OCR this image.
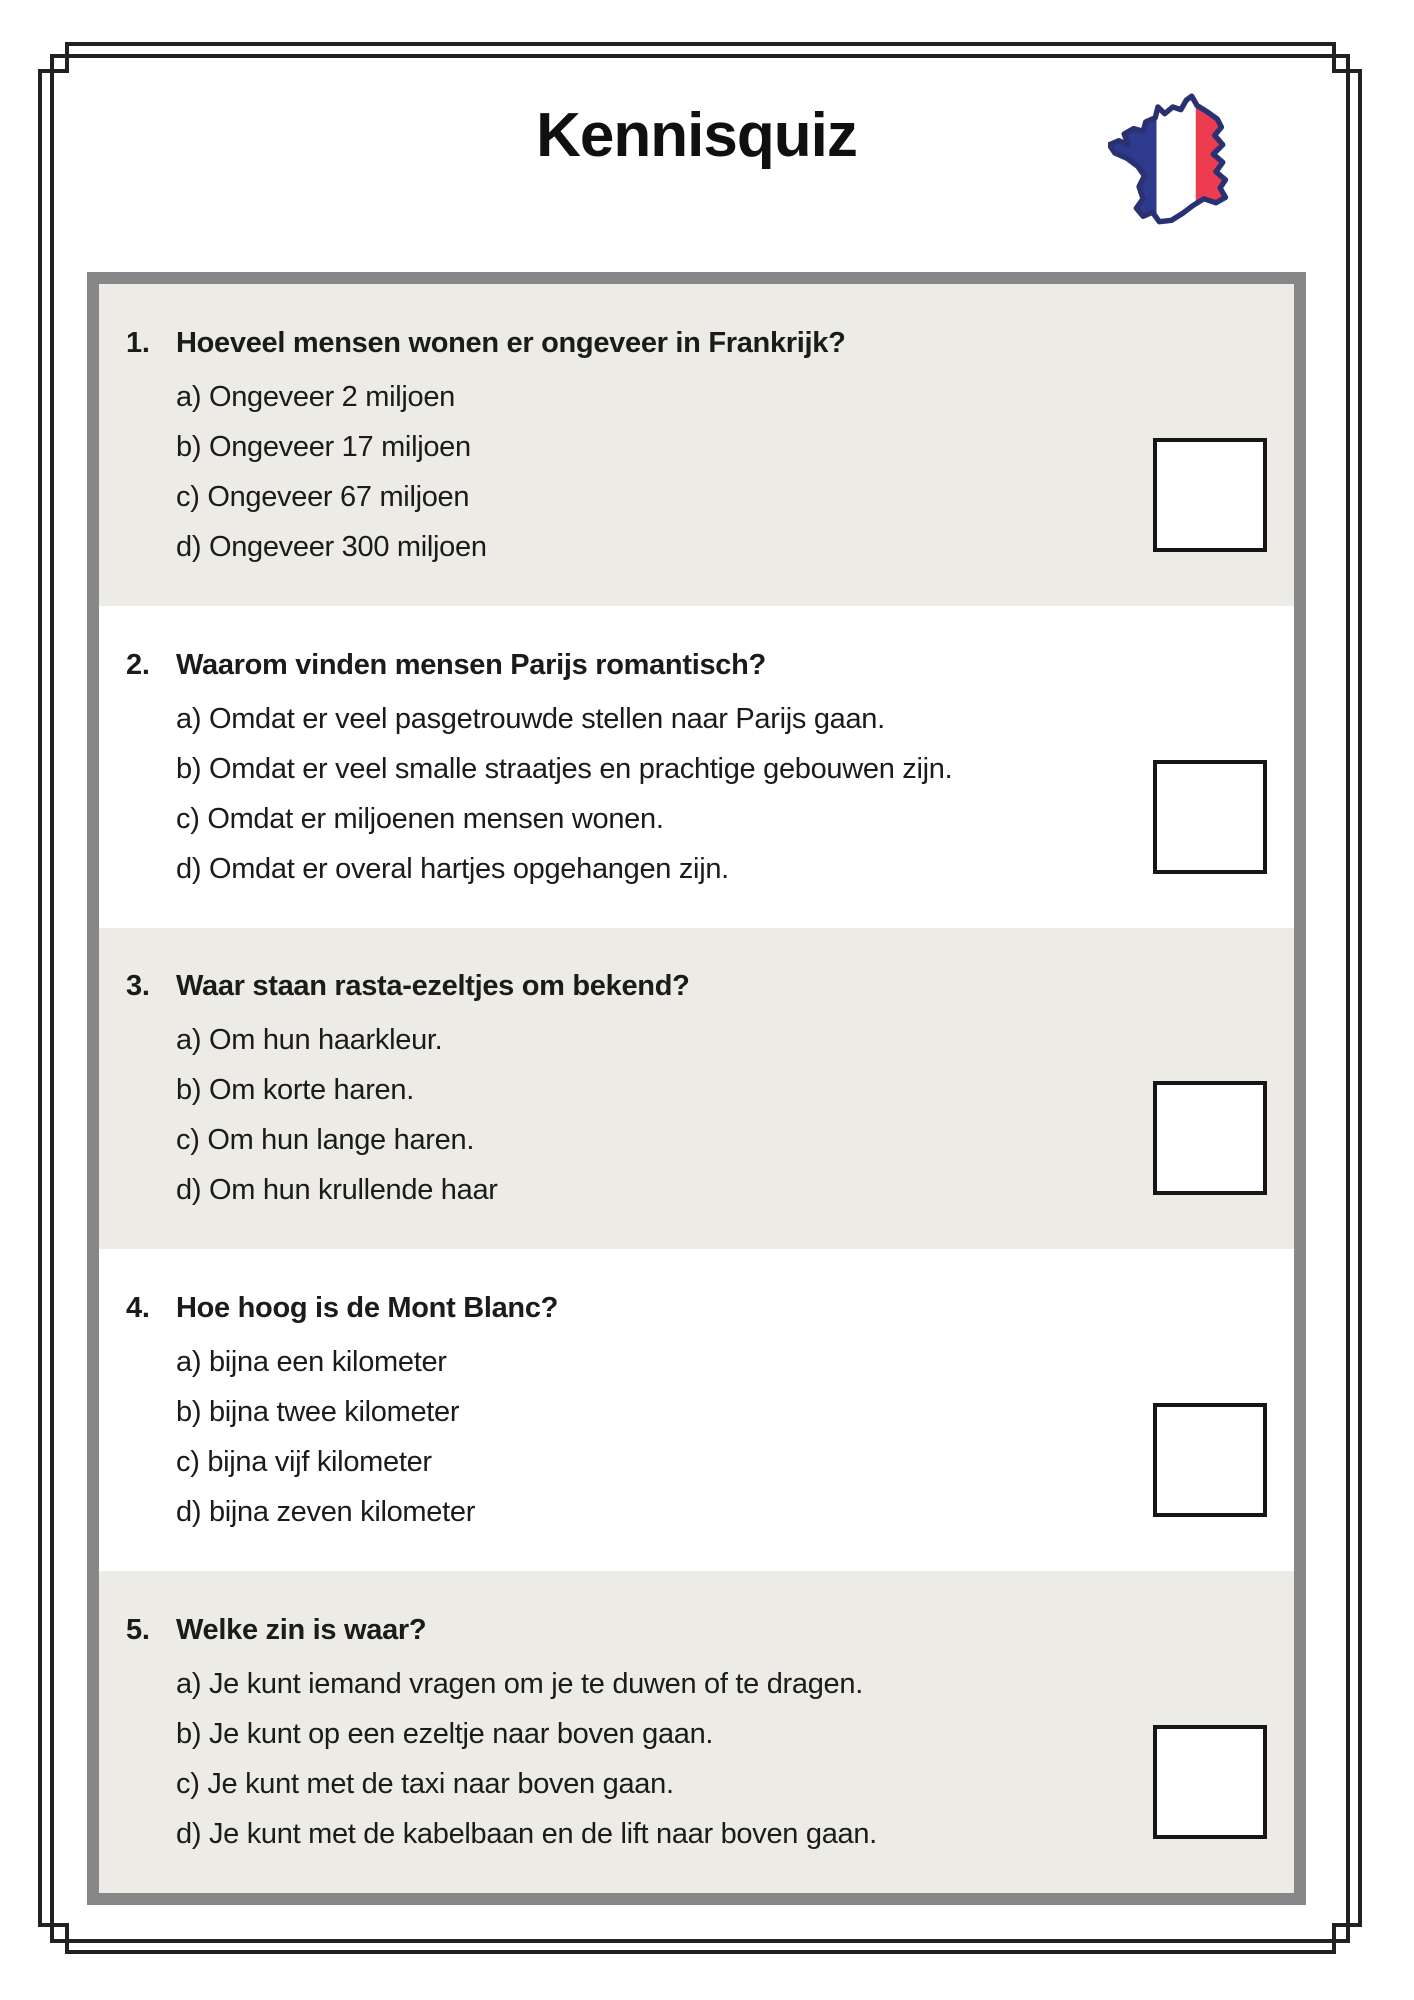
Kennisquiz
1. Hoeveel mensen wonen er ongeveer in Frankrijk?
a) Ongeveer 2 miljoen
b) Ongeveer 17 miljoen
c) Ongeveer 67 miljoen
d) Ongeveer 300 miljoen
2. Waarom vinden mensen Parijs romantisch?
a) Omdat er veel pasgetrouwde stellen naar Parijs gaan.
b) Omdat er veel smalle straatjes en prachtige gebouwen zijn.
c) Omdat er miljoenen mensen wonen.
d) Omdat er overal hartjes opgehangen zijn.
3. Waar staan rasta-ezeltjes om bekend?
a) Om hun haarkleur.
b) Om korte haren.
c) Om hun lange haren.
d) Om hun krullende haar
4. Hoe hoog is de Mont Blanc?
a) bijna een kilometer
b) bijna twee kilometer
c) bijna vijf kilometer
d) bijna zeven kilometer
5. Welke zin is waar?
a) Je kunt iemand vragen om je te duwen of te dragen.
b) Je kunt op een ezeltje naar boven gaan.
c) Je kunt met de taxi naar boven gaan.
d) Je kunt met de kabelbaan en de lift naar boven gaan.
